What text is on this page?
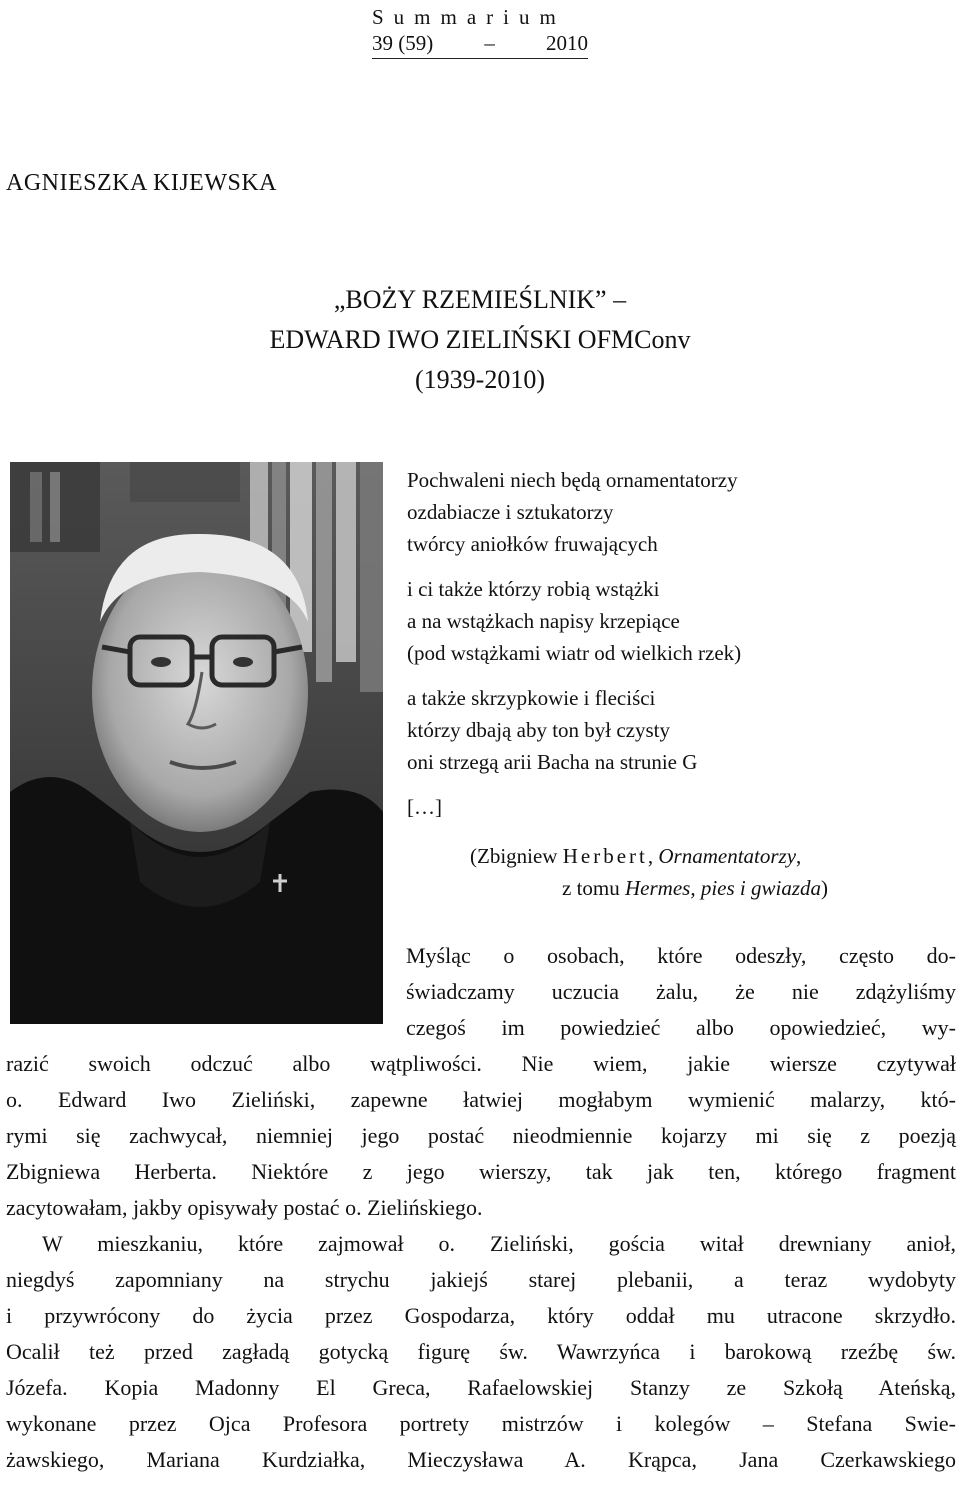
Summarium
39 (59) – 2010
AGNIESZKA KIJEWSKA
„BOŻY RZEMIEŚLNIK” –
EDWARD IWO ZIELIŃSKI OFMConv
(1939-2010)
Pochwaleni niech będą ornamentatorzy
ozdabiacze i sztukatorzy
twórcy aniołków fruwających
i ci także którzy robią wstążki
a na wstążkach napisy krzepiące
(pod wstążkami wiatr od wielkich rzek)
a także skrzypkowie i fleciści
którzy dbają aby ton był czysty
oni strzegą arii Bacha na strunie G
[…]
(Zbigniew Herbert, Ornamentatorzy,
z tomu Hermes, pies i gwiazda)
Myśląc o osobach, które odeszły, często do-
świadczamy uczucia żalu, że nie zdążyliśmy
czegoś im powiedzieć albo opowiedzieć, wy-
razić swoich odczuć albo wątpliwości. Nie wiem, jakie wiersze czytywał
o. Edward Iwo Zieliński, zapewne łatwiej mogłabym wymienić malarzy, któ-
rymi się zachwycał, niemniej jego postać nieodmiennie kojarzy mi się z poezją
Zbigniewa Herberta. Niektóre z jego wierszy, tak jak ten, którego fragment
zacytowałam, jakby opisywały postać o. Zielińskiego.
W mieszkaniu, które zajmował o. Zieliński, gościa witał drewniany anioł,
niegdyś zapomniany na strychu jakiejś starej plebanii, a teraz wydobyty
i przywrócony do życia przez Gospodarza, który oddał mu utracone skrzydło.
Ocalił też przed zagładą gotycką figurę św. Wawrzyńca i barokową rzeźbę św.
Józefa. Kopia Madonny El Greca, Rafaelowskiej Stanzy ze Szkołą Ateńską,
wykonane przez Ojca Profesora portrety mistrzów i kolegów – Stefana Swie-
żawskiego, Mariana Kurdziałka, Mieczysława A. Krąpca, Jana Czerkawskiego
